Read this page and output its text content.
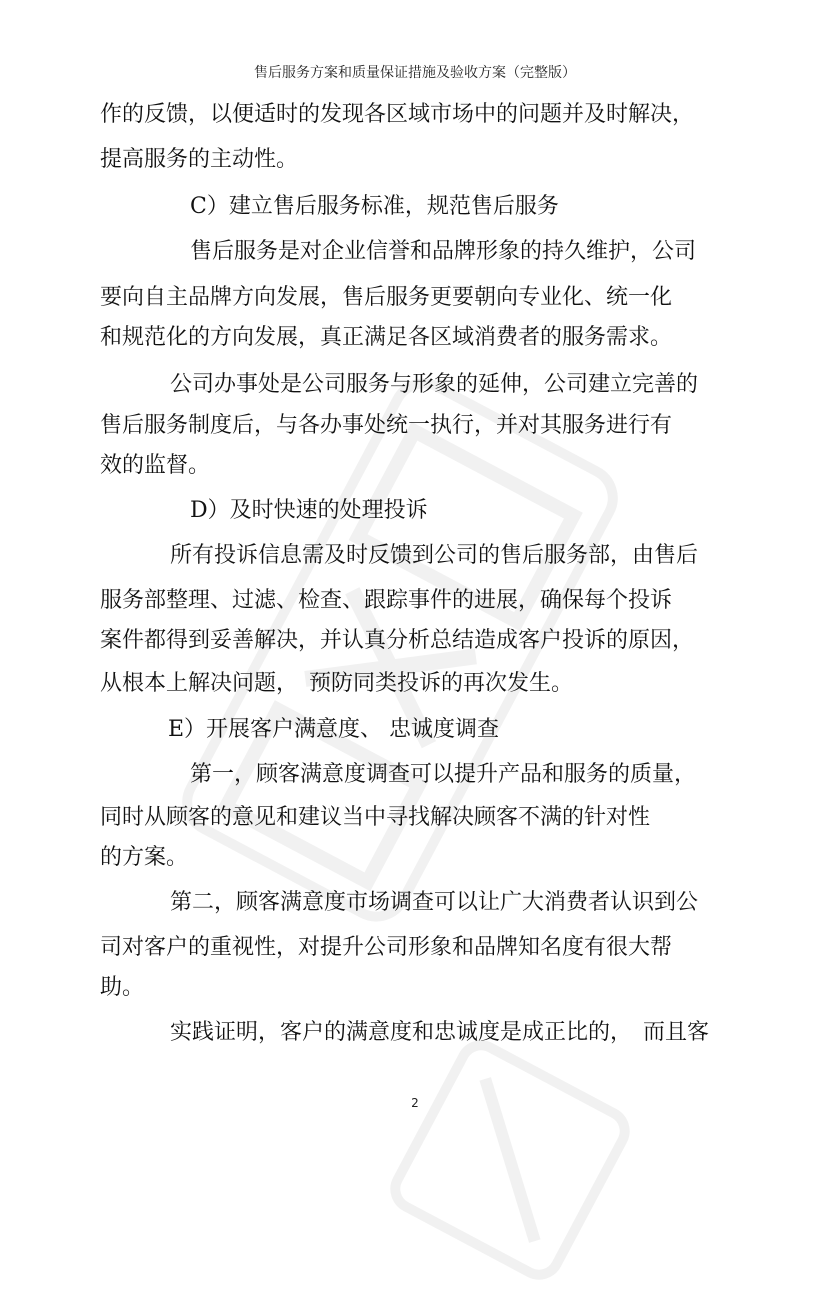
售后服务方案和质量保证措施及验收方案（完整版）
作的反馈，以便适时的发现各区域市场中的问题并及时解决，
提高服务的主动性。
C）建立售后服务标准，规范售后服务
售后服务是对企业信誉和品牌形象的持久维护，公司
要向自主品牌方向发展，售后服务更要朝向专业化、统一化
和规范化的方向发展，真正满足各区域消费者的服务需求。
公司办事处是公司服务与形象的延伸，公司建立完善的
售后服务制度后，与各办事处统一执行，并对其服务进行有
效的监督。
D）及时快速的处理投诉
所有投诉信息需及时反馈到公司的售后服务部，由售后
服务部整理、过滤、检查、跟踪事件的进展，确保每个投诉
案件都得到妥善解决，并认真分析总结造成客户投诉的原因，
从根本上解决问题，　预防同类投诉的再次发生。
E）开展客户满意度、 忠诚度调查
第一，顾客满意度调查可以提升产品和服务的质量，
同时从顾客的意见和建议当中寻找解决顾客不满的针对性
的方案。
第二，顾客满意度市场调查可以让广大消费者认识到公
司对客户的重视性，对提升公司形象和品牌知名度有很大帮
助。
实践证明，客户的满意度和忠诚度是成正比的，　而且客
2
